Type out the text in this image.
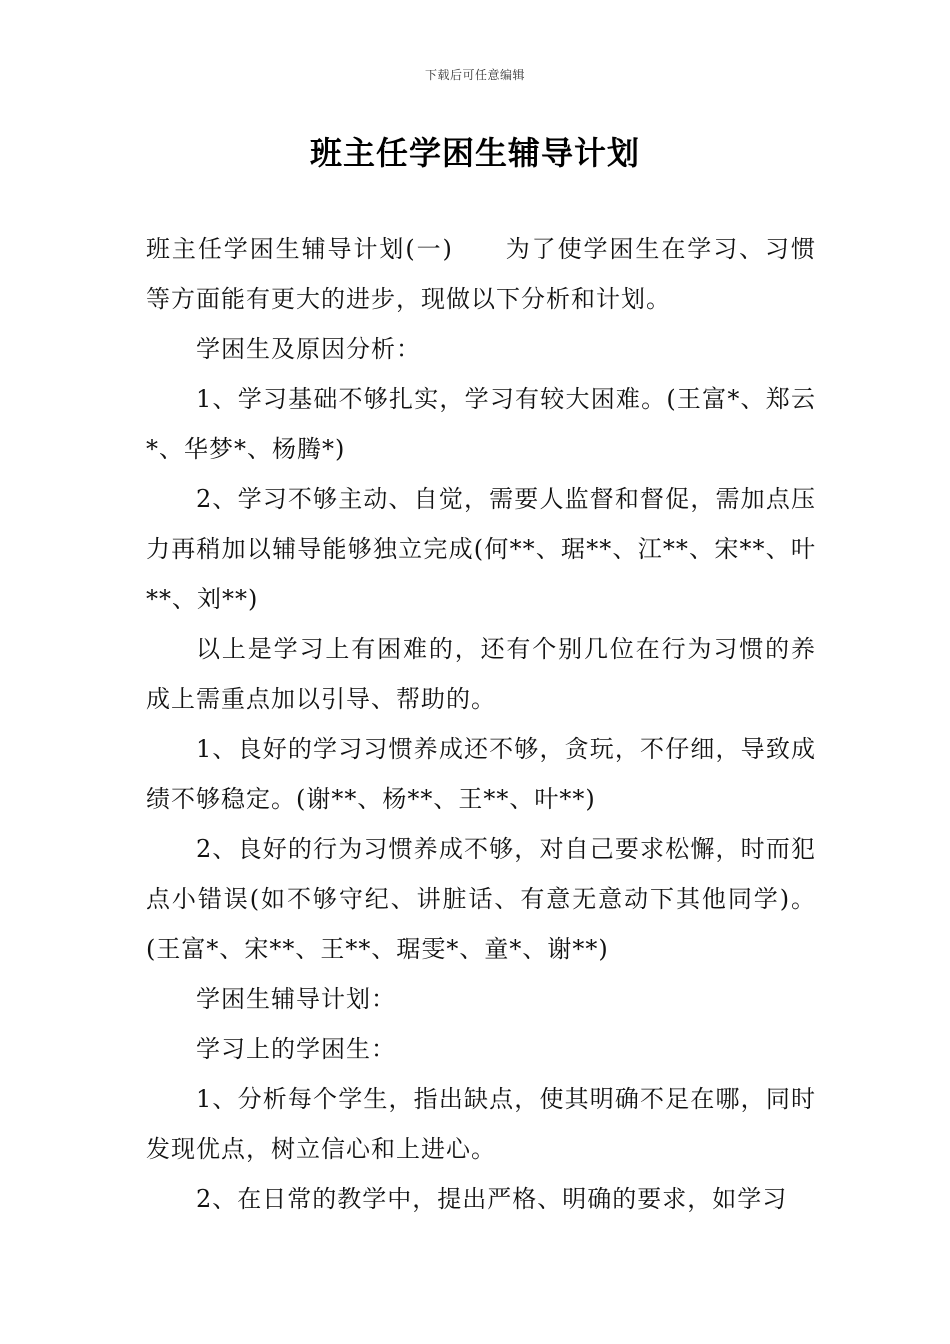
下载后可任意编辑
班主任学困生辅导计划

班主任学困生辅导计划(一)　　为了使学困生在学习、习惯等方面能有更大的进步，现做以下分析和计划。

学困生及原因分析：

1、学习基础不够扎实，学习有较大困难。(王富*、郑云*、华梦*、杨腾*)

2、学习不够主动、自觉，需要人监督和督促，需加点压力再稍加以辅导能够独立完成(何**、琚**、江**、宋**、叶**、刘**)

以上是学习上有困难的，还有个别几位在行为习惯的养成上需重点加以引导、帮助的。

1、良好的学习习惯养成还不够，贪玩，不仔细，导致成绩不够稳定。(谢**、杨**、王**、叶**)

2、良好的行为习惯养成不够，对自己要求松懈，时而犯点小错误(如不够守纪、讲脏话、有意无意动下其他同学)。(王富*、宋**、王**、琚雯*、童*、谢**)

学困生辅导计划：

学习上的学困生：

1、分析每个学生，指出缺点，使其明确不足在哪，同时发现优点，树立信心和上进心。

2、在日常的教学中，提出严格、明确的要求，如学习
